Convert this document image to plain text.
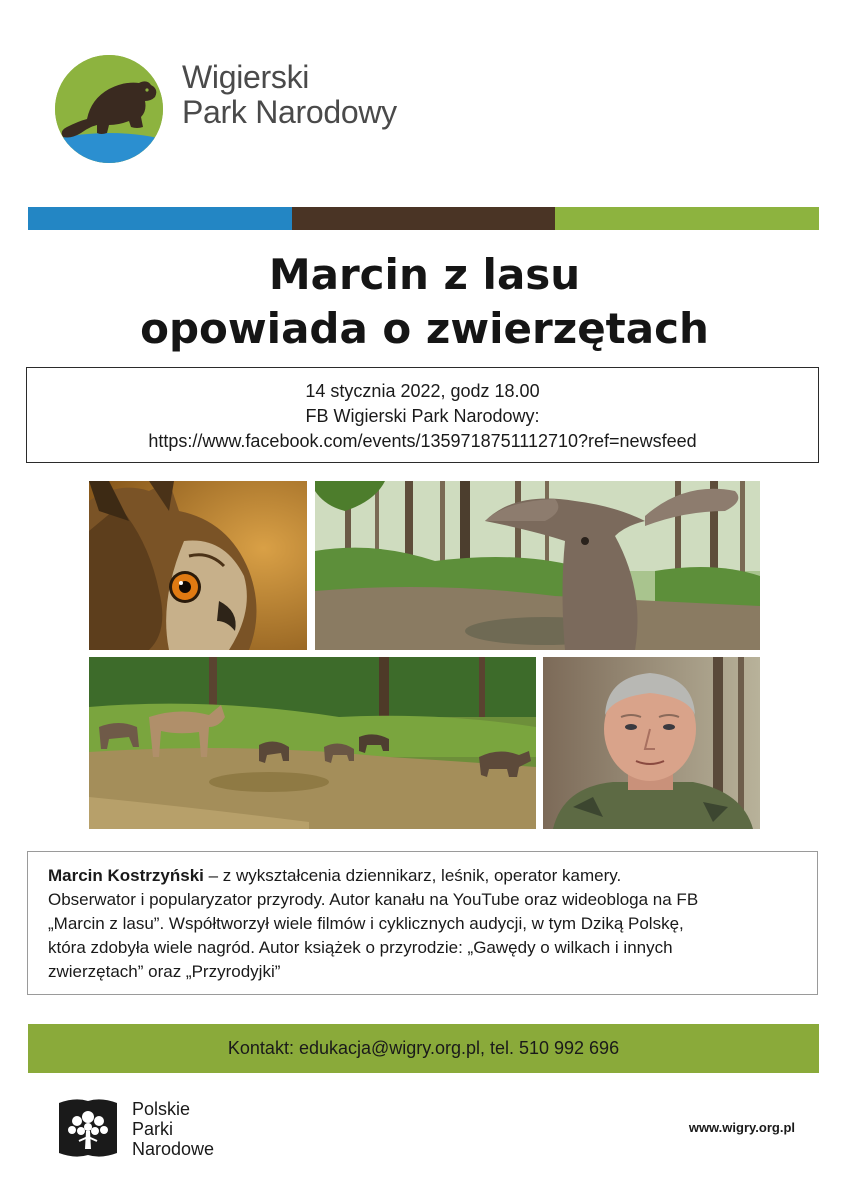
Wigierski
Park Narodowy
Marcin z lasu
opowiada o zwierzętach
14 stycznia 2022, godz 18.00
FB Wigierski Park Narodowy:
https://www.facebook.com/events/1359718751112710?ref=newsfeed
Marcin Kostrzyński – z wykształcenia dziennikarz, leśnik, operator kamery.
Obserwator i popularyzator przyrody. Autor kanału na YouTube oraz wideobloga na FB
„Marcin z lasu”. Współtworzył wiele filmów i cyklicznych audycji, w tym Dziką Polskę,
która zdobyła wiele nagród. Autor książek o przyrodzie: „Gawędy o wilkach i innych
zwierzętach” oraz „Przyrodyjki”
Kontakt: edukacja@wigry.org.pl, tel. 510 992 696
Polskie
Parki
Narodowe
www.wigry.org.pl
